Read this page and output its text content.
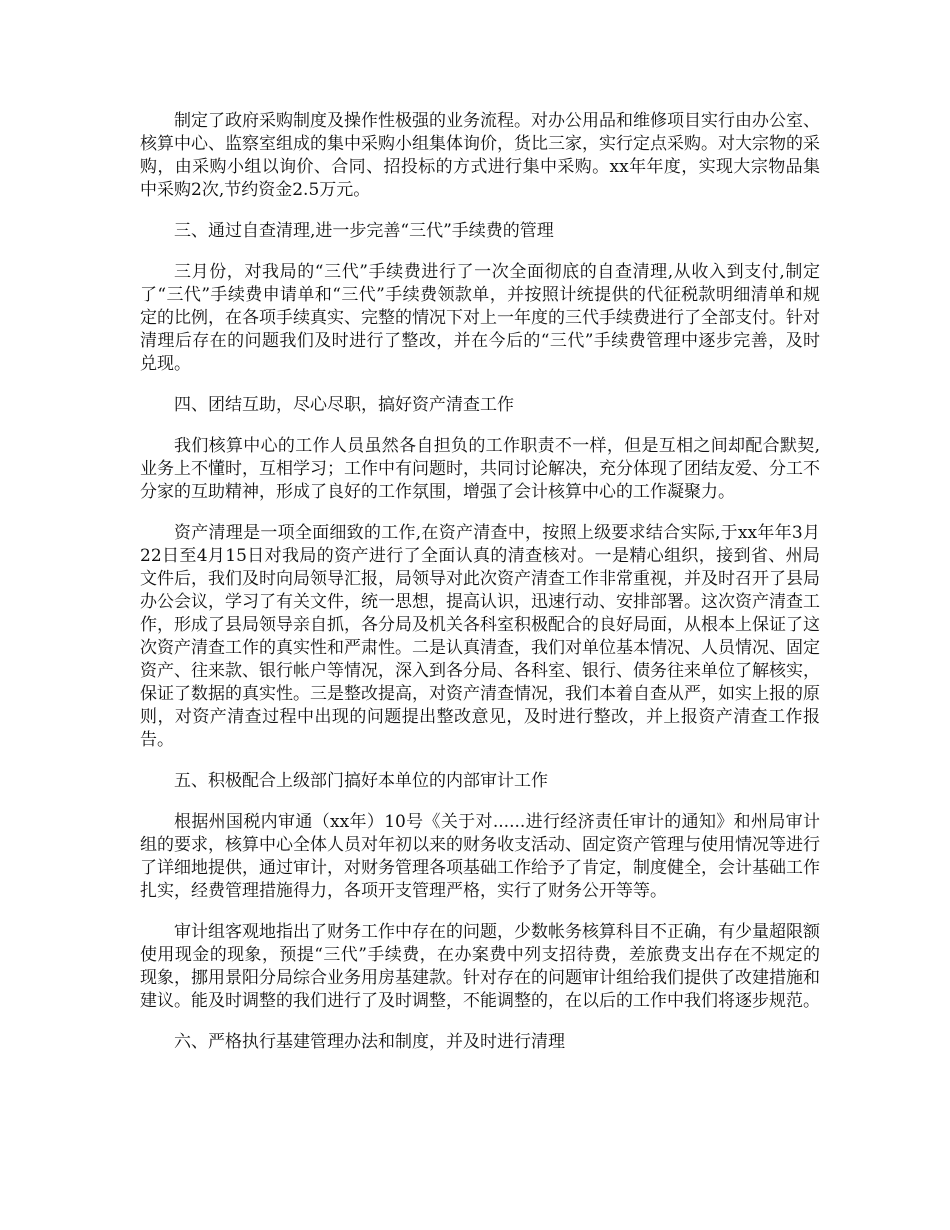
制定了政府采购制度及操作性极强的业务流程。对办公用品和维修项目实行由办公室、核算中心、监察室组成的集中采购小组集体询价，货比三家，实行定点采购。对大宗物的采购，由采购小组以询价、合同、招投标的方式进行集中采购。xx年年度，实现大宗物品集中采购2次,节约资金2.5万元。

三、通过自查清理,进一步完善“三代”手续费的管理

三月份，对我局的“三代”手续费进行了一次全面彻底的自查清理,从收入到支付,制定了“三代”手续费申请单和“三代”手续费领款单，并按照计统提供的代征税款明细清单和规定的比例，在各项手续真实、完整的情况下对上一年度的三代手续费进行了全部支付。针对清理后存在的问题我们及时进行了整改，并在今后的“三代”手续费管理中逐步完善，及时兑现。

四、团结互助，尽心尽职，搞好资产清查工作

我们核算中心的工作人员虽然各自担负的工作职责不一样，但是互相之间却配合默契,业务上不懂时，互相学习；工作中有问题时，共同讨论解决，充分体现了团结友爱、分工不分家的互助精神，形成了良好的工作氛围，增强了会计核算中心的工作凝聚力。

资产清理是一项全面细致的工作,在资产清查中，按照上级要求结合实际,于xx年年3月22日至4月15日对我局的资产进行了全面认真的清查核对。一是精心组织，接到省、州局文件后，我们及时向局领导汇报，局领导对此次资产清查工作非常重视，并及时召开了县局办公会议，学习了有关文件，统一思想，提高认识，迅速行动、安排部署。这次资产清查工作，形成了县局领导亲自抓，各分局及机关各科室积极配合的良好局面，从根本上保证了这次资产清查工作的真实性和严肃性。二是认真清查，我们对单位基本情况、人员情况、固定资产、往来款、银行帐户等情况，深入到各分局、各科室、银行、债务往来单位了解核实，保证了数据的真实性。三是整改提高，对资产清查情况，我们本着自查从严，如实上报的原则，对资产清查过程中出现的问题提出整改意见，及时进行整改，并上报资产清查工作报告。

五、积极配合上级部门搞好本单位的内部审计工作

根据州国税内审通（xx年）10号《关于对......进行经济责任审计的通知》和州局审计组的要求，核算中心全体人员对年初以来的财务收支活动、固定资产管理与使用情况等进行了详细地提供，通过审计，对财务管理各项基础工作给予了肯定，制度健全，会计基础工作扎实，经费管理措施得力，各项开支管理严格，实行了财务公开等等。

审计组客观地指出了财务工作中存在的问题，少数帐务核算科目不正确，有少量超限额使用现金的现象，预提“三代”手续费，在办案费中列支招待费，差旅费支出存在不规定的现象，挪用景阳分局综合业务用房基建款。针对存在的问题审计组给我们提供了改建措施和建议。能及时调整的我们进行了及时调整，不能调整的，在以后的工作中我们将逐步规范。

六、严格执行基建管理办法和制度，并及时进行清理
